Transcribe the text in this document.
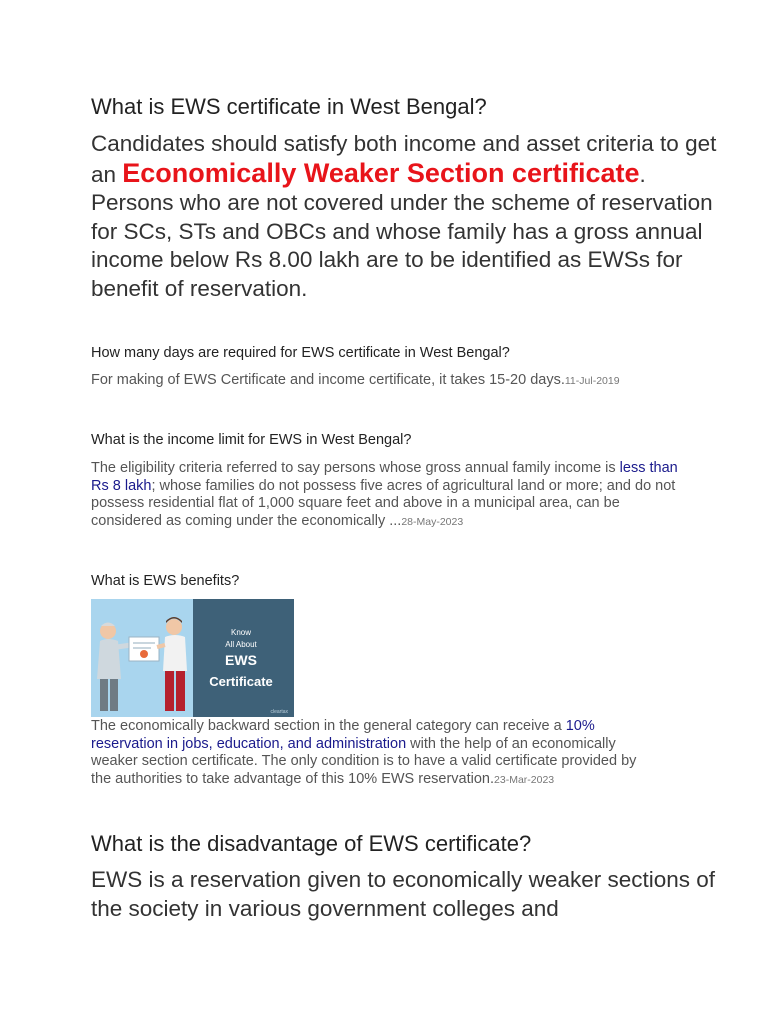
What is EWS certificate in West Bengal?

Candidates should satisfy both income and asset criteria to get an Economically Weaker Section certificate. Persons who are not covered under the scheme of reservation for SCs, STs and OBCs and whose family has a gross annual income below Rs 8.00 lakh are to be identified as EWSs for benefit of reservation.

How many days are required for EWS certificate in West Bengal?

For making of EWS Certificate and income certificate, it takes 15-20 days.11-Jul-2019

What is the income limit for EWS in West Bengal?

The eligibility criteria referred to say persons whose gross annual family income is less than Rs 8 lakh; whose families do not possess five acres of agricultural land or more; and do not possess residential flat of 1,000 square feet and above in a municipal area, can be considered as coming under the economically ...28-May-2023

What is EWS benefits?

Know
All About
EWS
Certificate
cleartax

The economically backward section in the general category can receive a 10% reservation in jobs, education, and administration with the help of an economically weaker section certificate. The only condition is to have a valid certificate provided by the authorities to take advantage of this 10% EWS reservation.23-Mar-2023

What is the disadvantage of EWS certificate?

EWS is a reservation given to economically weaker sections of the society in various government colleges and
